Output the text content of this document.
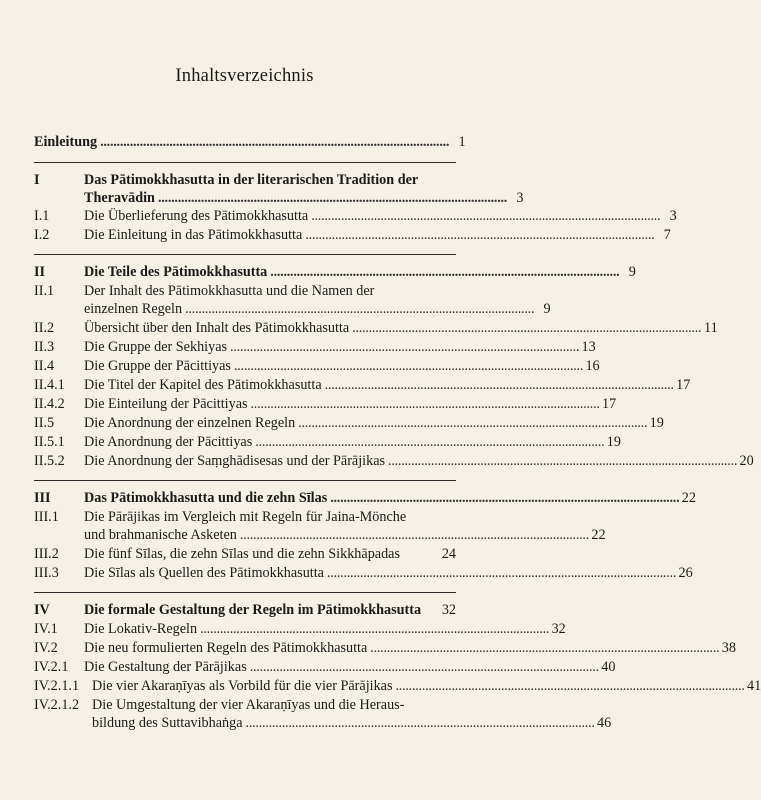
Inhaltsverzeichnis
Einleitung . . .	1
I	Das Pātimokkhasutta in der literarischen Tradition der
Theravādin . . .	3
I.1	Die Überlieferung des Pātimokkhasutta . . .	3
I.2	Die Einleitung in das Pātimokkhasutta . . .	7
II	Die Teile des Pātimokkhasutta . . .	9
II.1	Der Inhalt des Pātimokkhasutta und die Namen der
einzelnen Regeln . . .	9
II.2	Übersicht über den Inhalt des Pātimokkhasutta . . .	11
II.3	Die Gruppe der Sekhiyas . . .	13
II.4	Die Gruppe der Pācittiyas . . .	16
II.4.1	Die Titel der Kapitel des Pātimokkhasutta . . .	17
II.4.2	Die Einteilung der Pācittiyas . . .	17
II.5	Die Anordnung der einzelnen Regeln . . .	19
II.5.1	Die Anordnung der Pācittiyas . . .	19
II.5.2	Die Anordnung der Saṃghādisesas und der Pārājikas . . .	20
III	Das Pātimokkhasutta und die zehn Sīlas . . .	22
III.1	Die Pārājikas im Vergleich mit Regeln für Jaina-Mönche
und brahmanische Asketen . . .	22
III.2	Die fünf Sīlas, die zehn Sīlas und die zehn Sikkhāpadas	24
III.3	Die Sīlas als Quellen des Pātimokkhasutta . . .	26
IV	Die formale Gestaltung der Regeln im Pātimokkhasutta	32
IV.1	Die Lokativ-Regeln . . .	32
IV.2	Die neu formulierten Regeln des Pātimokkhasutta . . .	38
IV.2.1	Die Gestaltung der Pārājikas . . .	40
IV.2.1.1 Die vier Akaraṇīyas als Vorbild für die vier Pārājikas . . .	41
IV.2.1.2 Die Umgestaltung der vier Akaraṇīyas und die Heraus-
bildung des Suttavibhaṅga . . .	46
